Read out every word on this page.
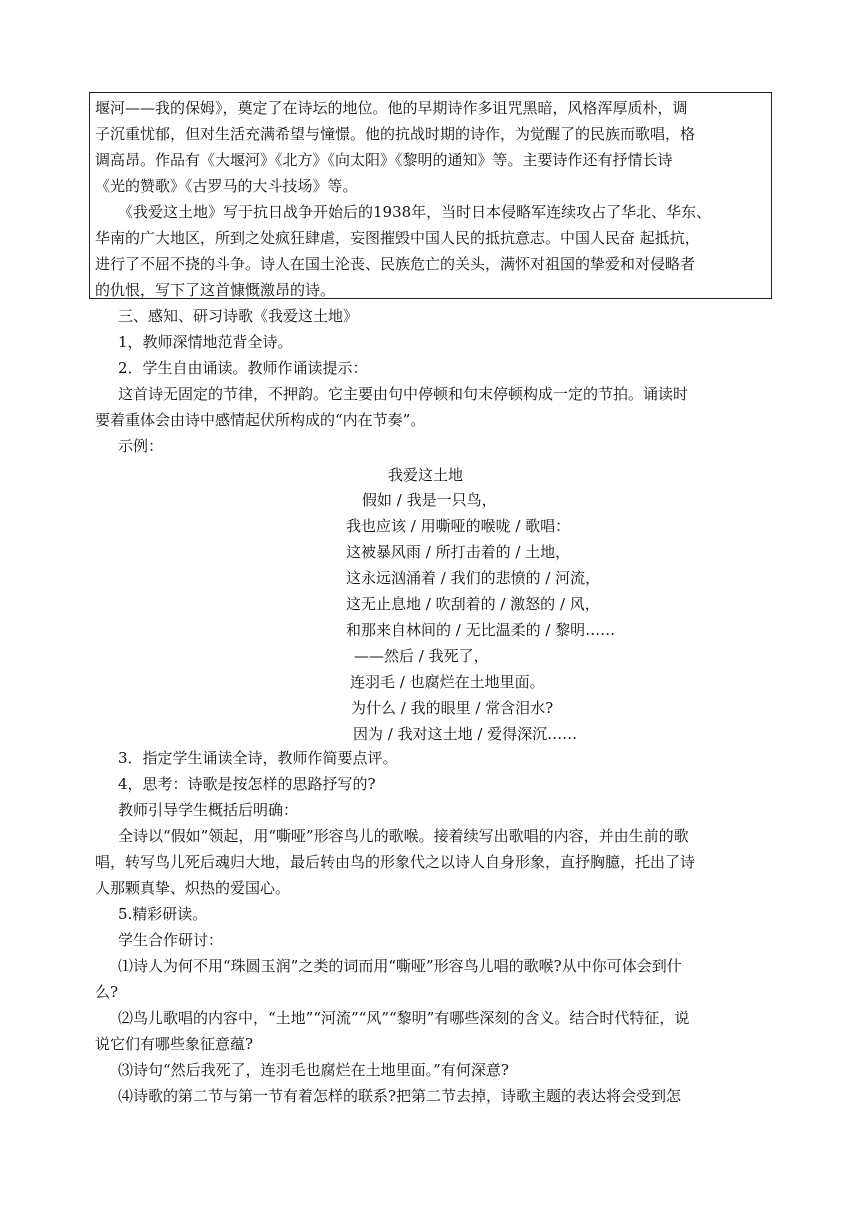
堰河——我的保姆》，奠定了在诗坛的地位。他的早期诗作多诅咒黑暗，风格浑厚质朴，调
子沉重忧郁，但对生活充满希望与憧憬。他的抗战时期的诗作，为觉醒了的民族而歌唱，格
调高昂。作品有《大堰河》《北方》《向太阳》《黎明的通知》等。主要诗作还有抒情长诗
《光的赞歌》《古罗马的大斗技场》等。
《我爱这土地》写于抗日战争开始后的1938年，当时日本侵略军连续攻占了华北、华东、
华南的广大地区，所到之处疯狂肆虐，妄图摧毁中国人民的抵抗意志。中国人民奋 起抵抗，
进行了不屈不挠的斗争。诗人在国土沦丧、民族危亡的关头，满怀对祖国的挚爱和对侵略者
的仇恨，写下了这首慷慨激昂的诗。
三、感知、研习诗歌《我爱这土地》
1，教师深情地范背全诗。
2．学生自由诵读。教师作诵读提示：
这首诗无固定的节律，不押韵。它主要由句中停顿和句末停顿构成一定的节拍。诵读时
要着重体会由诗中感情起伏所构成的“内在节奏”。
示例：
我爱这土地
假如 / 我是一只鸟，
我也应该 / 用嘶哑的喉咙 / 歌唱：
这被暴风雨 / 所打击着的 / 土地，
这永远汹涌着 / 我们的悲愤的 / 河流，
这无止息地 / 吹刮着的 / 激怒的 / 风，
和那来自林间的 / 无比温柔的 / 黎明……
——然后 / 我死了，
连羽毛 / 也腐烂在土地里面。
为什么 / 我的眼里 / 常含泪水?
因为 / 我对这土地 / 爱得深沉……
3．指定学生诵读全诗，教师作简要点评。
4，思考：诗歌是按怎样的思路抒写的?
教师引导学生概括后明确：
全诗以“假如”领起，用“嘶哑”形容鸟儿的歌喉。接着续写出歌唱的内容，并由生前的歌
唱，转写鸟儿死后魂归大地，最后转由鸟的形象代之以诗人自身形象，直抒胸臆，托出了诗
人那颗真挚、炽热的爱国心。
5.精彩研读。
学生合作研讨：
⑴诗人为何不用“珠圆玉润”之类的词而用“嘶哑”形容鸟儿唱的歌喉?从中你可体会到什
么?
⑵鸟儿歌唱的内容中，“土地”“河流”“风”“黎明”有哪些深刻的含义。结合时代特征，说
说它们有哪些象征意蕴?
⑶诗句“然后我死了，连羽毛也腐烂在土地里面。”有何深意?
⑷诗歌的第二节与第一节有着怎样的联系?把第二节去掉，诗歌主题的表达将会受到怎
